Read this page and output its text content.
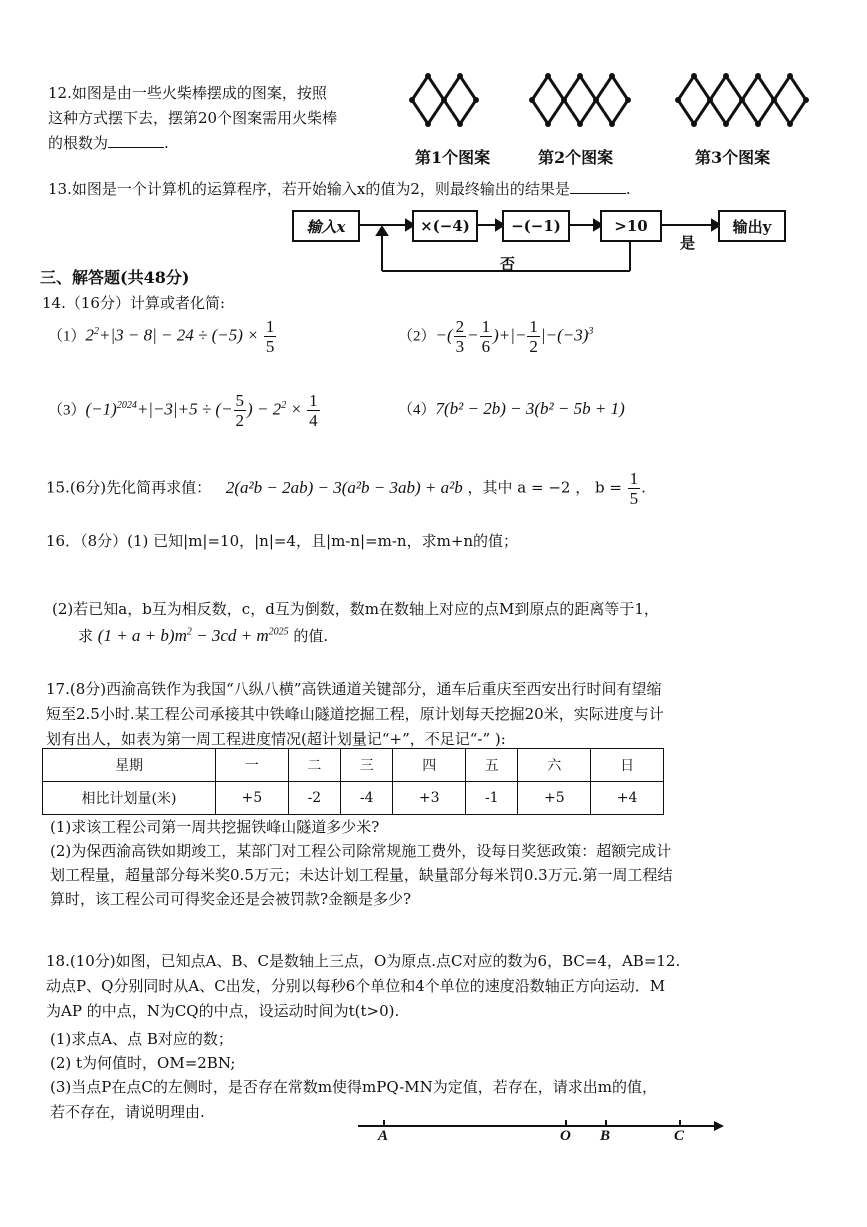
12.如图是由一些火柴棒摆成的图案，按照
这种方式摆下去，摆第20个图案需用火柴棒
的根数为	.
第1个图案	第2个图案	第3个图案
13.如图是一个计算机的运算程序，若开始输入x的值为2，则最终输出的结果是	.
输入x	×(−4)	−(−1)	>10	输出y
是
否
三、解答题(共48分)
14.（16分）计算或者化简:
$(1)2^2+|3 - 8| - 24 \div (-5) \times \frac{1}{5}$	$(2)-( \frac{2}{3} - \frac{1}{6}$ )+|− $\frac{1}{2} |-(-3)^3$
$(3)(-1)^{2024}+|-3|+5$ ÷ (− $\frac{5}{2}$ ) − $2^2 \times \frac{1}{4}$	（4）7(b² − 2b) − 3(b² − 5b + 1)
15.(6分)先化简再求值： 2(a²b − 2ab) − 3(a²b − 3ab) + a²b ，其中 a = −2 ， $b = \frac{1}{5}$ .
16．（8分）(1) 已知|m|=10，|n|=4，且|m-n|=m-n，求m+n的值；
(2)若已知a，b互为相反数，c，d互为倒数，数m在数轴上对应的点M到原点的距离等于1，
求 $(1 + a + b)m^2 - 3cd + m^{2025}$ 的值.
17.(8分)西渝高铁作为我国“八纵八横”高铁通道关键部分，通车后重庆至西安出行时间有望缩
短至2.5小时.某工程公司承接其中铁峰山隧道挖掘工程，原计划每天挖掘20米，实际进度与计
划有出人，如表为第一周工程进度情况(超计划量记“+”，不足记“-” ):
星期	一	二	三	四	五	六	日
相比计划量(米)	+5	-2	-4	+3	-1	+5	+4
(1)求该工程公司第一周共挖掘铁峰山隧道多少米?
(2)为保西渝高铁如期竣工，某部门对工程公司除常规施工费外，设每日奖惩政策：超额完成计
划工程量，超量部分每米奖0.5万元；未达计划工程量，缺量部分每米罚0.3万元.第一周工程结
算时，该工程公司可得奖金还是会被罚款?金额是多少?
18.(10分)如图，已知点A、B、C是数轴上三点，O为原点.点C对应的数为6，BC=4，AB=12.
动点P、Q分别同时从A、C出发，分别以每秒6个单位和4个单位的速度沿数轴正方向运动．M
为AP 的中点，N为CQ的中点，设运动时间为t(t>0).
(1)求点A、点 B对应的数；
(2) t为何值时，OM=2BN;
(3)当点P在点C的左侧时，是否存在常数m使得mPQ-MN为定值，若存在，请求出m的值，
若不存在，请说明理由.
A	O B	C
